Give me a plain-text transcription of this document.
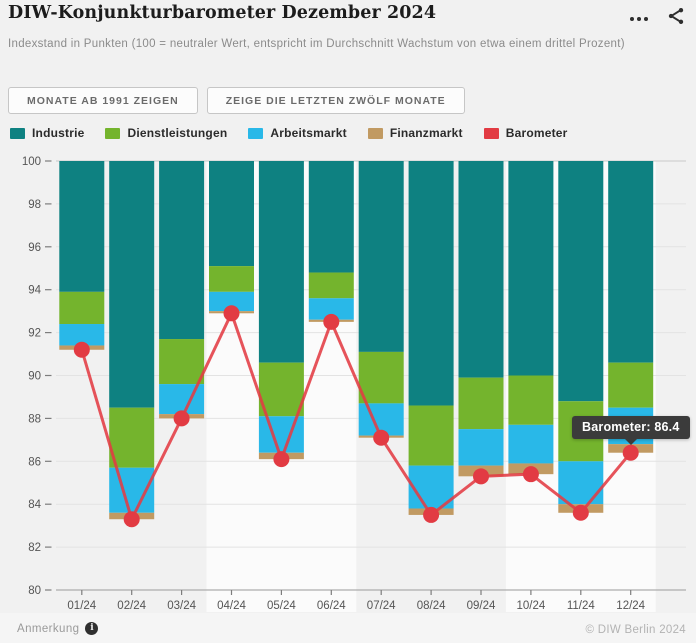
DIW-Konjunkturbarometer Dezember 2024

Indexstand in Punkten (100 = neutraler Wert, entspricht im Durchschnitt Wachstum von etwa einem drittel Prozent)

MONATE AB 1991 ZEIGEN	ZEIGE DIE LETZTEN ZWÖLF MONATE
Industrie	Dienstleistungen	Arbeitsmarkt	Finanzmarkt	Barometer
100
98
96
94
92
90
88
86
84
82
80
01/24 02/24 03/24 04/24 05/24 06/24 07/24 08/24 09/24 10/24 11/24 12/24
Barometer: 86.4
Anmerkung	i	© DIW Berlin 2024
